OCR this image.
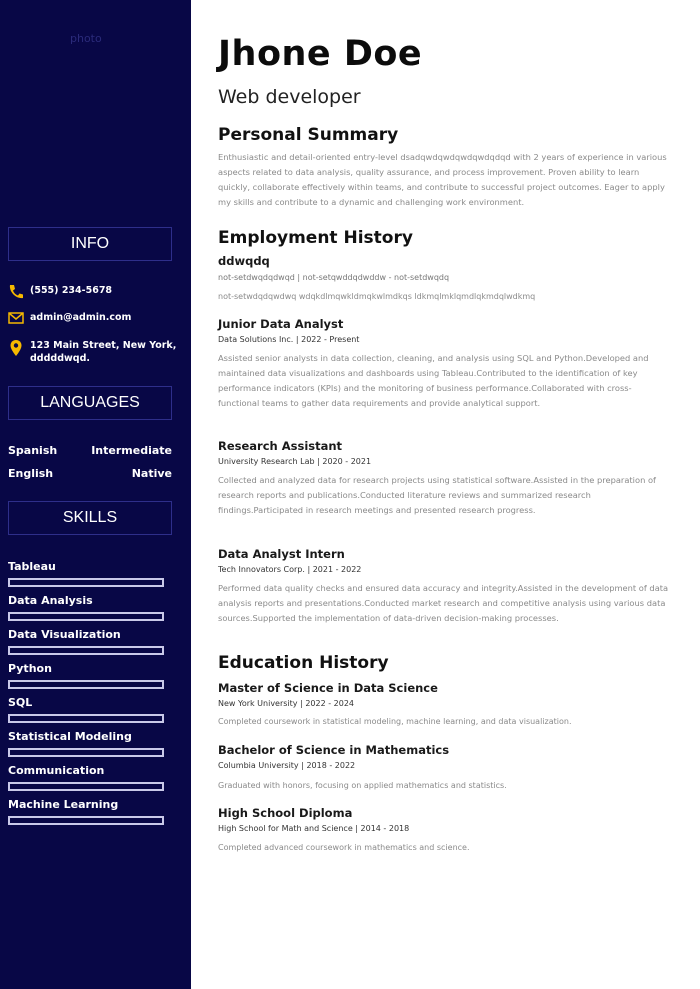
photo
INFO
(555) 234-5678
admin@admin.com
123 Main Street, New York,
dddddwqd.
LANGUAGES
Spanish	Intermediate
English	Native
SKILLS
Tableau
Data Analysis
Data Visualization
Python
SQL
Statistical Modeling
Communication
Machine Learning
Jhone Doe
Web developer
Personal Summary
Enthusiastic and detail-oriented entry-level dsadqwdqwdqwdqwdqdqd with 2 years of experience in various aspects related to data analysis, quality assurance, and process improvement. Proven ability to learn quickly, collaborate effectively within teams, and contribute to successful project outcomes. Eager to apply my skills and contribute to a dynamic and challenging work environment.
Employment History
ddwqdq
not-setdwqdqdwqd | not-setqwddqdwddw - not-setdwqdq
not-setwdqdqwdwq wdqkdlmqwkldmqkwlmdkqs ldkmqlmklqmdlqkmdqlwdkmq
Junior Data Analyst
Data Solutions Inc. | 2022 - Present
Assisted senior analysts in data collection, cleaning, and analysis using SQL and Python.Developed and maintained data visualizations and dashboards using Tableau.Contributed to the identification of key performance indicators (KPIs) and the monitoring of business performance.Collaborated with cross-functional teams to gather data requirements and provide analytical support.
Research Assistant
University Research Lab | 2020 - 2021
Collected and analyzed data for research projects using statistical software.Assisted in the preparation of research reports and publications.Conducted literature reviews and summarized research findings.Participated in research meetings and presented research progress.
Data Analyst Intern
Tech Innovators Corp. | 2021 - 2022
Performed data quality checks and ensured data accuracy and integrity.Assisted in the development of data analysis reports and presentations.Conducted market research and competitive analysis using various data sources.Supported the implementation of data-driven decision-making processes.
Education History
Master of Science in Data Science
New York University | 2022 - 2024
Completed coursework in statistical modeling, machine learning, and data visualization.
Bachelor of Science in Mathematics
Columbia University | 2018 - 2022
Graduated with honors, focusing on applied mathematics and statistics.
High School Diploma
High School for Math and Science | 2014 - 2018
Completed advanced coursework in mathematics and science.
